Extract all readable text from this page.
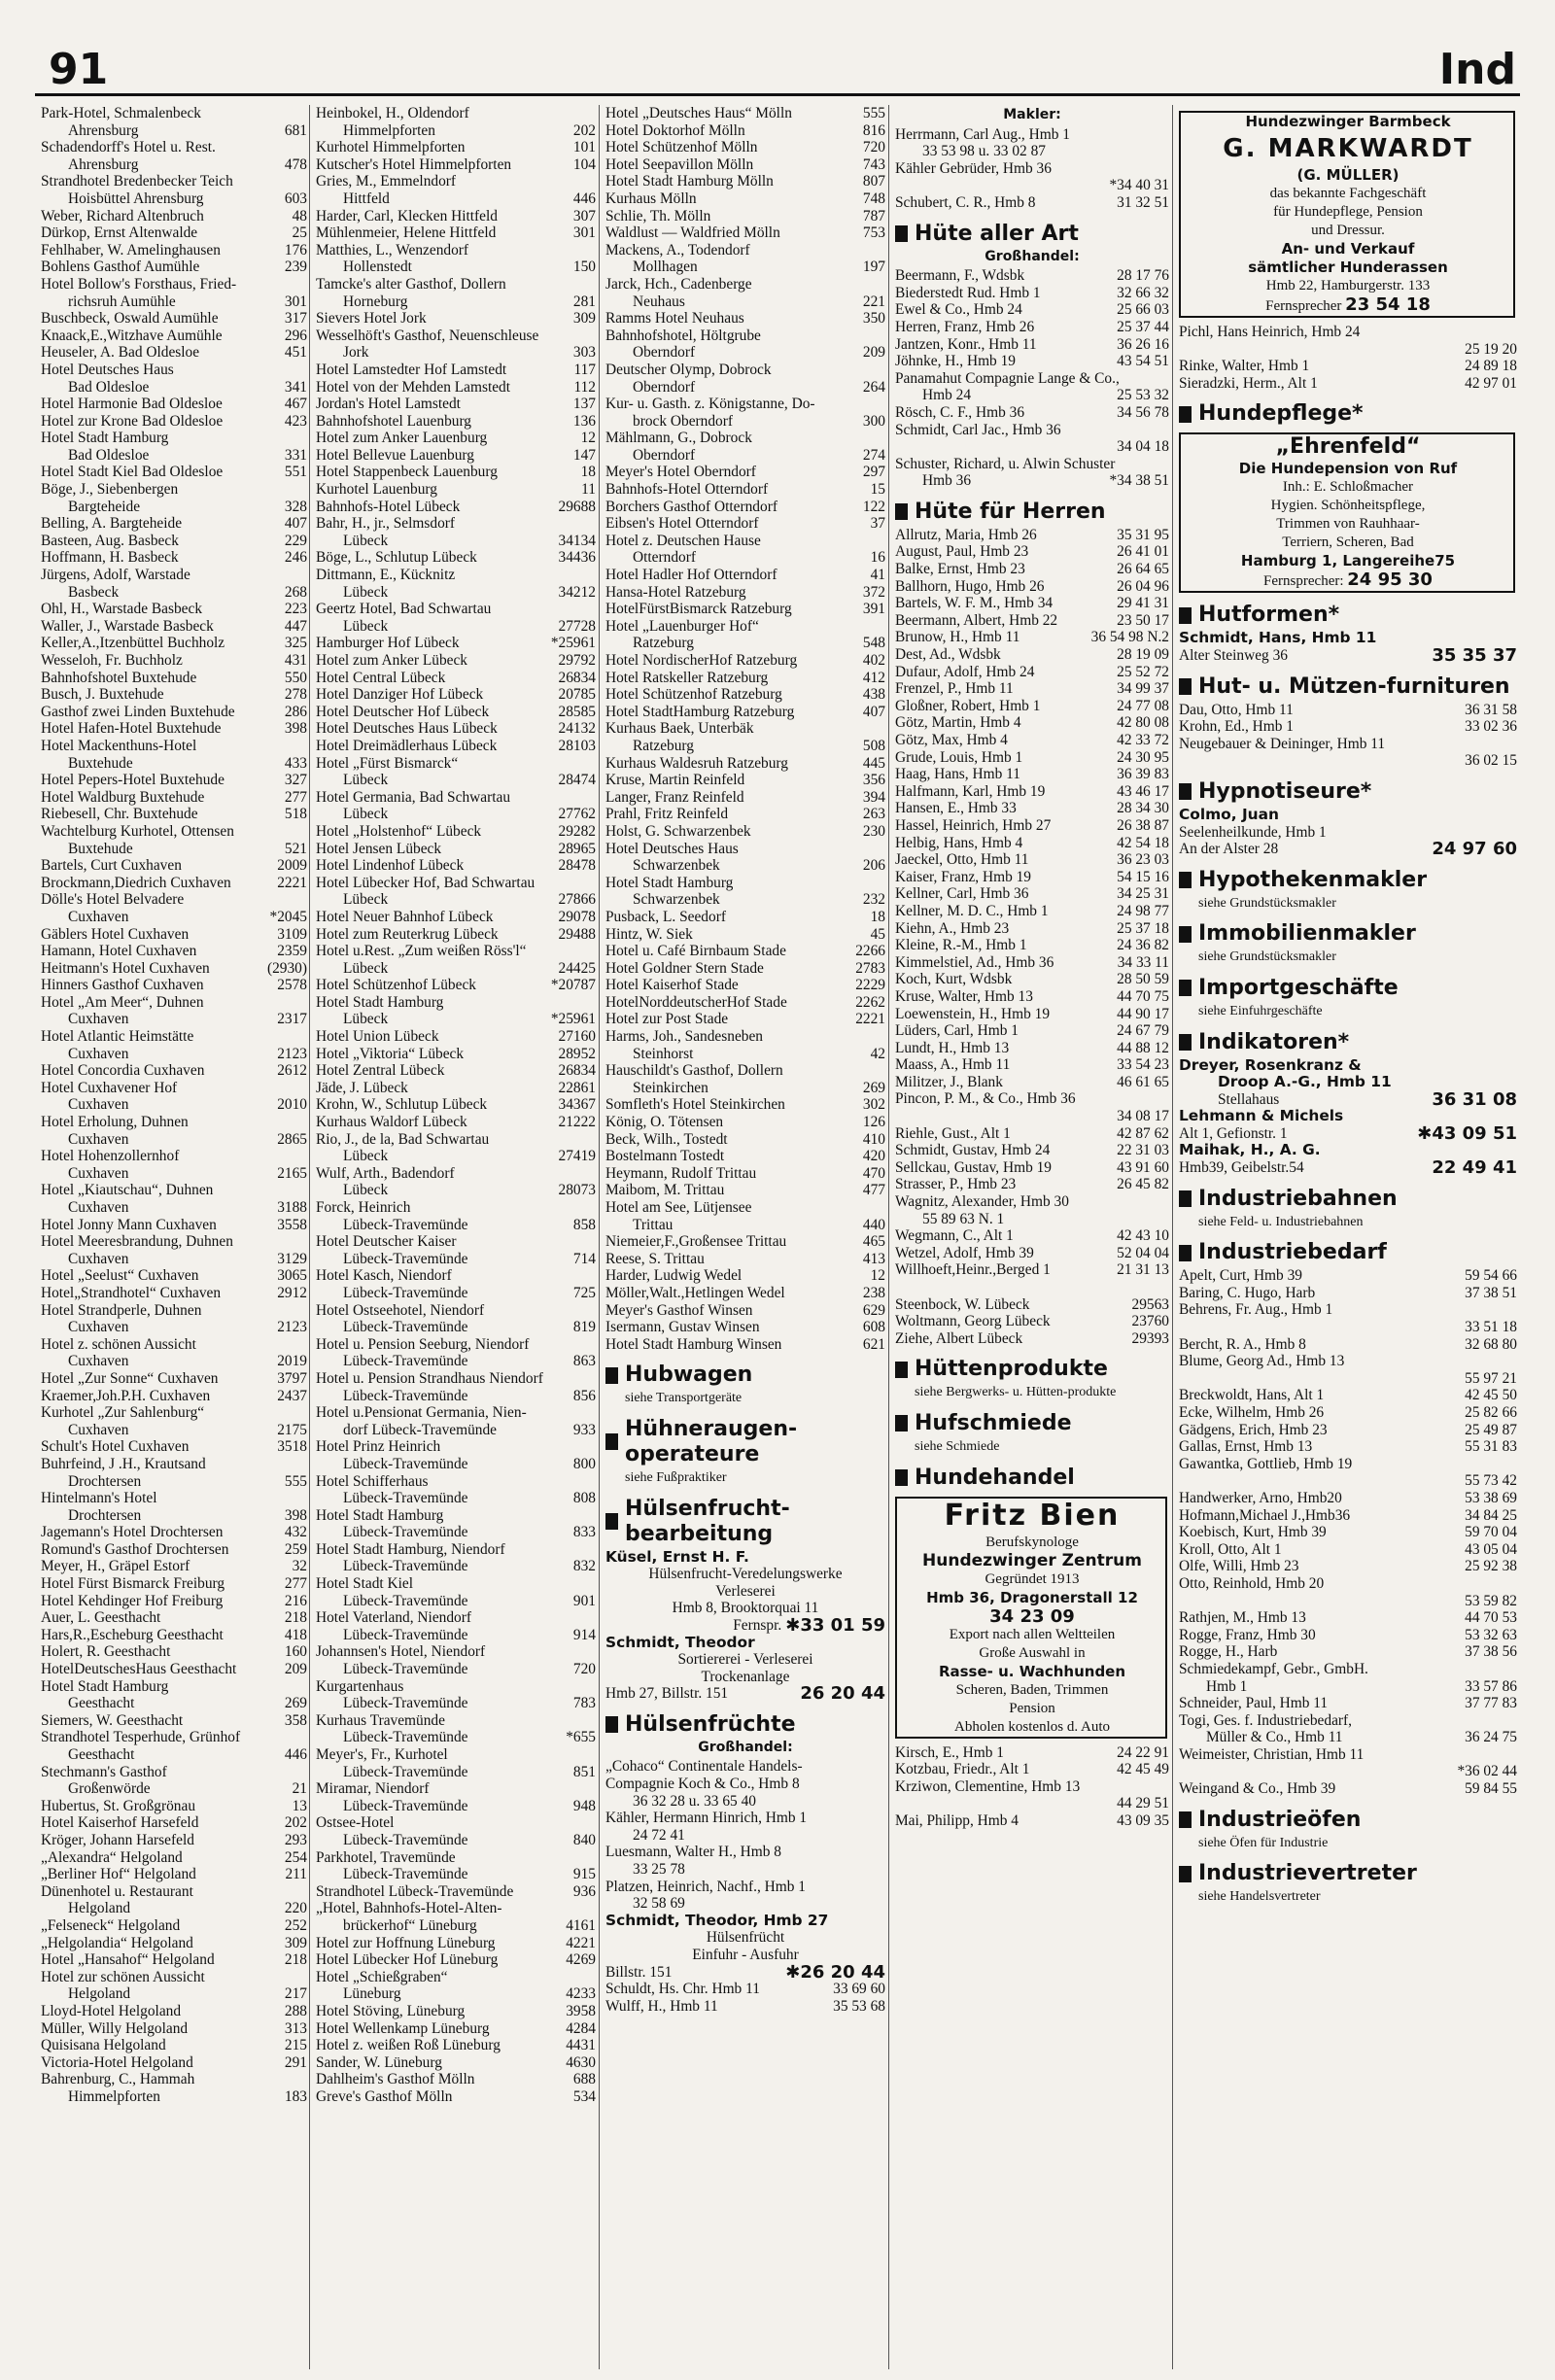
91	Ind
Park-Hotel, Schmalenbeck
Ahrensburg	681
Schadendorff's Hotel u. Rest.
Ahrensburg	478
Strandhotel Bredenbecker Teich
Hoisbüttel Ahrensburg	603
Weber, Richard Altenbruch	48
Dürkop, Ernst Altenwalde	25
Fehlhaber, W. Amelinghausen	176
Bohlens Gasthof Aumühle	239
Hotel Bollow's Forsthaus, Fried-
richsruh Aumühle	301
Buschbeck, Oswald Aumühle	317
Knaack,E.,Witzhave Aumühle	296
Heuseler, A. Bad Oldesloe	451
Hotel Deutsches Haus
Bad Oldesloe	341
Hotel Harmonie Bad Oldesloe	467
Hotel zur Krone Bad Oldesloe	423
Hotel Stadt Hamburg
Bad Oldesloe	331
Hotel Stadt Kiel Bad Oldesloe	551
Böge, J., Siebenbergen
Bargteheide	328
Belling, A. Bargteheide	407
Basteen, Aug. Basbeck	229
Hoffmann, H. Basbeck	246
Jürgens, Adolf, Warstade
Basbeck	268
Ohl, H., Warstade Basbeck	223
Waller, J., Warstade Basbeck	447
Keller,A.,Itzenbüttel Buchholz	325
Wesseloh, Fr. Buchholz	431
Bahnhofshotel Buxtehude	550
Busch, J. Buxtehude	278
Gasthof zwei Linden Buxtehude	286
Hotel Hafen-Hotel Buxtehude	398
Hotel Mackenthuns-Hotel
Buxtehude	433
Hotel Pepers-Hotel Buxtehude	327
Hotel Waldburg Buxtehude	277
Riebesell, Chr. Buxtehude	518
Wachtelburg Kurhotel, Ottensen
Buxtehude	521
Bartels, Curt Cuxhaven	2009
Brockmann,Diedrich Cuxhaven	2221
Dölle's Hotel Belvadere
Cuxhaven	*2045
Gäblers Hotel Cuxhaven	3109
Hamann, Hotel Cuxhaven	2359
Heitmann's Hotel Cuxhaven	(2930)
Hinners Gasthof Cuxhaven	2578
Hotel „Am Meer“, Duhnen
Cuxhaven	2317
Hotel Atlantic Heimstätte
Cuxhaven	2123
Hotel Concordia Cuxhaven	2612
Hotel Cuxhavener Hof
Cuxhaven	2010
Hotel Erholung, Duhnen
Cuxhaven	2865
Hotel Hohenzollernhof
Cuxhaven	2165
Hotel „Kiautschau“, Duhnen
Cuxhaven	3188
Hotel Jonny Mann Cuxhaven	3558
Hotel Meeresbrandung, Duhnen
Cuxhaven	3129
Hotel „Seelust“ Cuxhaven	3065
Hotel„Strandhotel“ Cuxhaven	2912
Hotel Strandperle, Duhnen
Cuxhaven	2123
Hotel z. schönen Aussicht
Cuxhaven	2019
Hotel „Zur Sonne“ Cuxhaven	3797
Kraemer,Joh.P.H. Cuxhaven	2437
Kurhotel „Zur Sahlenburg“
Cuxhaven	2175
Schult's Hotel Cuxhaven	3518
Buhrfeind, J .H., Krautsand
Drochtersen	555
Hintelmann's Hotel
Drochtersen	398
Jagemann's Hotel Drochtersen	432
Romund's Gasthof Drochtersen	259
Meyer, H., Gräpel Estorf	32
Hotel Fürst Bismarck Freiburg	277
Hotel Kehdinger Hof Freiburg	216
Auer, L. Geesthacht	218
Hars,R.,Escheburg Geesthacht	418
Holert, R. Geesthacht	160
HotelDeutschesHaus Geesthacht	209
Hotel Stadt Hamburg
Geesthacht	269
Siemers, W. Geesthacht	358
Strandhotel Tesperhude, Grünhof
Geesthacht	446
Stechmann's Gasthof
Großenwörde	21
Hubertus, St. Großgrönau	13
Hotel Kaiserhof Harsefeld	202
Kröger, Johann Harsefeld	293
„Alexandra“ Helgoland	254
„Berliner Hof“ Helgoland	211
Dünenhotel u. Restaurant
Helgoland	220
„Felseneck“ Helgoland	252
„Helgolandia“ Helgoland	309
Hotel „Hansahof“ Helgoland	218
Hotel zur schönen Aussicht
Helgoland	217
Lloyd-Hotel Helgoland	288
Müller, Willy Helgoland	313
Quisisana Helgoland	215
Victoria-Hotel Helgoland	291
Bahrenburg, C., Hammah
Himmelpforten	183
Heinbokel, H., Oldendorf
Himmelpforten	202
Kurhotel Himmelpforten	101
Kutscher's Hotel Himmelpforten	104
Gries, M., Emmelndorf
Hittfeld	446
Harder, Carl, Klecken Hittfeld	307
Mühlenmeier, Helene Hittfeld	301
Matthies, L., Wenzendorf
Hollenstedt	150
Tamcke's alter Gasthof, Dollern
Horneburg	281
Sievers Hotel Jork	309
Wesselhöft's Gasthof, Neuenschleuse
Jork	303
Hotel Lamstedter Hof Lamstedt	117
Hotel von der Mehden Lamstedt	112
Jordan's Hotel Lamstedt	137
Bahnhofshotel Lauenburg	136
Hotel zum Anker Lauenburg	12
Hotel Bellevue Lauenburg	147
Hotel Stappenbeck Lauenburg	18
Kurhotel Lauenburg	11
Bahnhofs-Hotel Lübeck	29688
Bahr, H., jr., Selmsdorf
Lübeck	34134
Böge, L., Schlutup Lübeck	34436
Dittmann, E., Kücknitz
Lübeck	34212
Geertz Hotel, Bad Schwartau
Lübeck	27728
Hamburger Hof Lübeck	*25961
Hotel zum Anker Lübeck	29792
Hotel Central Lübeck	26834
Hotel Danziger Hof Lübeck	20785
Hotel Deutscher Hof Lübeck	28585
Hotel Deutsches Haus Lübeck	24132
Hotel Dreimädlerhaus Lübeck	28103
Hotel „Fürst Bismarck“
Lübeck	28474
Hotel Germania, Bad Schwartau
Lübeck	27762
Hotel „Holstenhof“ Lübeck	29282
Hotel Jensen Lübeck	28965
Hotel Lindenhof Lübeck	28478
Hotel Lübecker Hof, Bad Schwartau
Lübeck	27866
Hotel Neuer Bahnhof Lübeck	29078
Hotel zum Reuterkrug Lübeck	29488
Hotel u.Rest. „Zum weißen Röss'l“
Lübeck	24425
Hotel Schützenhof Lübeck	*20787
Hotel Stadt Hamburg
Lübeck	*25961
Hotel Union Lübeck	27160
Hotel „Viktoria“ Lübeck	28952
Hotel Zentral Lübeck	26834
Jäde, J. Lübeck	22861
Krohn, W., Schlutup Lübeck	34367
Kurhaus Waldorf Lübeck	21222
Rio, J., de la, Bad Schwartau
Lübeck	27419
Wulf, Arth., Badendorf
Lübeck	28073
Forck, Heinrich
Lübeck-Travemünde	858
Hotel Deutscher Kaiser
Lübeck-Travemünde	714
Hotel Kasch, Niendorf
Lübeck-Travemünde	725
Hotel Ostseehotel, Niendorf
Lübeck-Travemünde	819
Hotel u. Pension Seeburg, Niendorf
Lübeck-Travemünde	863
Hotel u. Pension Strandhaus Niendorf
Lübeck-Travemünde	856
Hotel u.Pensionat Germania, Nien-
dorf Lübeck-Travemünde	933
Hotel Prinz Heinrich
Lübeck-Travemünde	800
Hotel Schifferhaus
Lübeck-Travemünde	808
Hotel Stadt Hamburg
Lübeck-Travemünde	833
Hotel Stadt Hamburg, Niendorf
Lübeck-Travemünde	832
Hotel Stadt Kiel
Lübeck-Travemünde	901
Hotel Vaterland, Niendorf
Lübeck-Travemünde	914
Johannsen's Hotel, Niendorf
Lübeck-Travemünde	720
Kurgartenhaus
Lübeck-Travemünde	783
Kurhaus Travemünde
Lübeck-Travemünde	*655
Meyer's, Fr., Kurhotel
Lübeck-Travemünde	851
Miramar, Niendorf
Lübeck-Travemünde	948
Ostsee-Hotel
Lübeck-Travemünde	840
Parkhotel, Travemünde
Lübeck-Travemünde	915
Strandhotel Lübeck-Travemünde	936
„Hotel, Bahnhofs-Hotel-Alten-
brückerhof“ Lüneburg	4161
Hotel zur Hoffnung Lüneburg	4221
Hotel Lübecker Hof Lüneburg	4269
Hotel „Schießgraben“
Lüneburg	4233
Hotel Stöving, Lüneburg	3958
Hotel Wellenkamp Lüneburg	4284
Hotel z. weißen Roß Lüneburg	4431
Sander, W. Lüneburg	4630
Dahlheim's Gasthof Mölln	688
Greve's Gasthof Mölln	534
Hotel „Deutsches Haus“ Mölln	555
Hotel Doktorhof Mölln	816
Hotel Schützenhof Mölln	720
Hotel Seepavillon Mölln	743
Hotel Stadt Hamburg Mölln	807
Kurhaus Mölln	748
Schlie, Th. Mölln	787
Waldlust — Waldfried Mölln	753
Mackens, A., Todendorf
Mollhagen	197
Jarck, Hch., Cadenberge
Neuhaus	221
Ramms Hotel Neuhaus	350
Bahnhofshotel, Höltgrube
Oberndorf	209
Deutscher Olymp, Dobrock
Oberndorf	264
Kur- u. Gasth. z. Königstanne, Do-
brock Oberndorf	300
Mählmann, G., Dobrock
Oberndorf	274
Meyer's Hotel Oberndorf	297
Bahnhofs-Hotel Otterndorf	15
Borchers Gasthof Otterndorf	122
Eibsen's Hotel Otterndorf	37
Hotel z. Deutschen Hause
Otterndorf	16
Hotel Hadler Hof Otterndorf	41
Hansa-Hotel Ratzeburg	372
HotelFürstBismarck Ratzeburg	391
Hotel „Lauenburger Hof“
Ratzeburg	548
Hotel NordischerHof Ratzeburg	402
Hotel Ratskeller Ratzeburg	412
Hotel Schützenhof Ratzeburg	438
Hotel StadtHamburg Ratzeburg	407
Kurhaus Baek, Unterbäk
Ratzeburg	508
Kurhaus Waldesruh Ratzeburg	445
Kruse, Martin Reinfeld	356
Langer, Franz Reinfeld	394
Prahl, Fritz Reinfeld	263
Holst, G. Schwarzenbek	230
Hotel Deutsches Haus
Schwarzenbek	206
Hotel Stadt Hamburg
Schwarzenbek	232
Pusback, L. Seedorf	18
Hintz, W. Siek	45
Hotel u. Café Birnbaum Stade	2266
Hotel Goldner Stern Stade	2783
Hotel Kaiserhof Stade	2229
HotelNorddeutscherHof Stade	2262
Hotel zur Post Stade	2221
Harms, Joh., Sandesneben
Steinhorst	42
Hauschildt's Gasthof, Dollern
Steinkirchen	269
Somfleth's Hotel Steinkirchen	302
König, O. Tötensen	126
Beck, Wilh., Tostedt	410
Bostelmann Tostedt	420
Heymann, Rudolf Trittau	470
Maibom, M. Trittau	477
Hotel am See, Lütjensee
Trittau	440
Niemeier,F.,Großensee Trittau	465
Reese, S. Trittau	413
Harder, Ludwig Wedel	12
Möller,Walt.,Hetlingen Wedel	238
Meyer's Gasthof Winsen	629
Isermann, Gustav Winsen	608
Hotel Stadt Hamburg Winsen	621
Hubwagen
siehe Transportgeräte
Hühneraugen-operateure
siehe Fußpraktiker
Hülsenfrucht-bearbeitung
Küsel, Ernst H. F.
Hülsenfrucht-Veredelungswerke
Verleserei
Hmb 8, Brooktorquai 11
Fernspr. ✱33 01 59
Schmidt, Theodor
Sortiererei - Verleserei
Trockenanlage
Hmb 27, Billstr. 151	26 20 44
Hülsenfrüchte
Großhandel:
„Cohaco“ Continentale Handels-
Compagnie Koch & Co., Hmb 8
36 32 28 u. 33 65 40
Kähler, Hermann Hinrich, Hmb 1
24 72 41
Luesmann, Walter H., Hmb 8
33 25 78
Platzen, Heinrich, Nachf., Hmb 1
32 58 69
Schmidt, Theodor, Hmb 27
Hülsenfrücht
Einfuhr - Ausfuhr
Billstr. 151	✱26 20 44
Schuldt, Hs. Chr. Hmb 11	33 69 60
Wulff, H., Hmb 11	35 53 68
Makler:
Herrmann, Carl Aug., Hmb 1
33 53 98 u. 33 02 87
Kähler Gebrüder, Hmb 36

*34 40 31
Schubert, C. R., Hmb 8	31 32 51
Hüte aller Art
Großhandel:
Beermann, F., Wdsbk	28 17 76
Biederstedt Rud. Hmb 1	32 66 32
Ewel & Co., Hmb 24	25 66 03
Herren, Franz, Hmb 26	25 37 44
Jantzen, Konr., Hmb 11	36 26 16
Jöhnke, H., Hmb 19	43 54 51
Panamahut Compagnie Lange & Co.,
Hmb 24	25 53 32
Rösch, C. F., Hmb 36	34 56 78
Schmidt, Carl Jac., Hmb 36

34 04 18
Schuster, Richard, u. Alwin Schuster
Hmb 36	*34 38 51
Hüte für Herren
Allrutz, Maria, Hmb 26	35 31 95
August, Paul, Hmb 23	26 41 01
Balke, Ernst, Hmb 23	26 64 65
Ballhorn, Hugo, Hmb 26	26 04 96
Bartels, W. F. M., Hmb 34	29 41 31
Beermann, Albert, Hmb 22	23 50 17
Brunow, H., Hmb 11	36 54 98 N.2
Dest, Ad., Wdsbk	28 19 09
Dufaur, Adolf, Hmb 24	25 52 72
Frenzel, P., Hmb 11	34 99 37
Gloßner, Robert, Hmb 1	24 77 08
Götz, Martin, Hmb 4	42 80 08
Götz, Max, Hmb 4	42 33 72
Grude, Louis, Hmb 1	24 30 95
Haag, Hans, Hmb 11	36 39 83
Halfmann, Karl, Hmb 19	43 46 17
Hansen, E., Hmb 33	28 34 30
Hassel, Heinrich, Hmb 27	26 38 87
Helbig, Hans, Hmb 4	42 54 18
Jaeckel, Otto, Hmb 11	36 23 03
Kaiser, Franz, Hmb 19	54 15 16
Kellner, Carl, Hmb 36	34 25 31
Kellner, M. D. C., Hmb 1	24 98 77
Kiehn, A., Hmb 23	25 37 18
Kleine, R.-M., Hmb 1	24 36 82
Kimmelstiel, Ad., Hmb 36	34 33 11
Koch, Kurt, Wdsbk	28 50 59
Kruse, Walter, Hmb 13	44 70 75
Loewenstein, H., Hmb 19	44 90 17
Lüders, Carl, Hmb 1	24 67 79
Lundt, H., Hmb 13	44 88 12
Maass, A., Hmb 11	33 54 23
Militzer, J., Blank	46 61 65
Pincon, P. M., & Co., Hmb 36

34 08 17
Riehle, Gust., Alt 1	42 87 62
Schmidt, Gustav, Hmb 24	22 31 03
Sellckau, Gustav, Hmb 19	43 91 60
Strasser, P., Hmb 23	26 45 82
Wagnitz, Alexander, Hmb 30
55 89 63 N. 1
Wegmann, C., Alt 1	42 43 10
Wetzel, Adolf, Hmb 39	52 04 04
Willhoeft,Heinr.,Berged 1	21 31 13

Steenbock, W. Lübeck	29563
Woltmann, Georg Lübeck	23760
Ziehe, Albert Lübeck	29393
Hüttenprodukte
siehe Bergwerks- u. Hütten-produkte
Hufschmiede
siehe Schmiede
Hundehandel
Fritz Bien
Berufskynologe
Hundezwinger Zentrum
Gegründet 1913
Hmb 36, Dragonerstall 12
34 23 09
Export nach allen Weltteilen
Große Auswahl in
Rasse- u. Wachhunden
Scheren, Baden, Trimmen
Pension
Abholen kostenlos d. Auto
Kirsch, E., Hmb 1	24 22 91
Kotzbau, Friedr., Alt 1	42 45 49
Krziwon, Clementine, Hmb 13

44 29 51
Mai, Philipp, Hmb 4	43 09 35
Hundezwinger Barmbeck
G. MARKWARDT
(G. MÜLLER)
das bekannte Fachgeschäft
für Hundepflege, Pension
und Dressur.
An- und Verkauf
sämtlicher Hunderassen
Hmb 22, Hamburgerstr. 133
Fernsprecher 23 54 18
Pichl, Hans Heinrich, Hmb 24

25 19 20
Rinke, Walter, Hmb 1	24 89 18
Sieradzki, Herm., Alt 1	42 97 01
Hundepflege*
„Ehrenfeld“
Die Hundepension von Ruf
Inh.: E. Schloßmacher
Hygien. Schönheitspflege,
Trimmen von Rauhhaar-
Terriern, Scheren, Bad
Hamburg 1, Langereihe75
Fernsprecher: 24 95 30
Hutformen*
Schmidt, Hans, Hmb 11
Alter Steinweg 36	35 35 37
Hut- u. Mützen-furnituren
Dau, Otto, Hmb 11	36 31 58
Krohn, Ed., Hmb 1	33 02 36
Neugebauer & Deininger, Hmb 11

36 02 15
Hypnotiseure*
Colmo, Juan
Seelenheilkunde, Hmb 1
An der Alster 28	24 97 60
Hypothekenmakler
siehe Grundstücksmakler
Immobilienmakler
siehe Grundstücksmakler
Importgeschäfte
siehe Einfuhrgeschäfte
Indikatoren*
Dreyer, Rosenkranz &
Droop A.-G., Hmb 11
Stellahaus	36 31 08
Lehmann & Michels
Alt 1, Gefionstr. 1	✱43 09 51
Maihak, H., A. G.
Hmb39, Geibelstr.54	22 49 41
Industriebahnen
siehe Feld- u. Industriebahnen
Industriebedarf
Apelt, Curt, Hmb 39	59 54 66
Baring, C. Hugo, Harb	37 38 51
Behrens, Fr. Aug., Hmb 1

33 51 18
Bercht, R. A., Hmb 8	32 68 80
Blume, Georg Ad., Hmb 13

55 97 21
Breckwoldt, Hans, Alt 1	42 45 50
Ecke, Wilhelm, Hmb 26	25 82 66
Gädgens, Erich, Hmb 23	25 49 87
Gallas, Ernst, Hmb 13	55 31 83
Gawantka, Gottlieb, Hmb 19

55 73 42
Handwerker, Arno, Hmb20	53 38 69
Hofmann,Michael J.,Hmb36	34 84 25
Koebisch, Kurt, Hmb 39	59 70 04
Kroll, Otto, Alt 1	43 05 04
Olfe, Willi, Hmb 23	25 92 38
Otto, Reinhold, Hmb 20

53 59 82
Rathjen, M., Hmb 13	44 70 53
Rogge, Franz, Hmb 30	53 32 63
Rogge, H., Harb	37 38 56
Schmiedekampf, Gebr., GmbH.
Hmb 1	33 57 86
Schneider, Paul, Hmb 11	37 77 83
Togi, Ges. f. Industriebedarf,
Müller & Co., Hmb 11	36 24 75
Weimeister, Christian, Hmb 11

*36 02 44
Weingand & Co., Hmb 39	59 84 55
Industrieöfen
siehe Öfen für Industrie
Industrievertreter
siehe Handelsvertreter
